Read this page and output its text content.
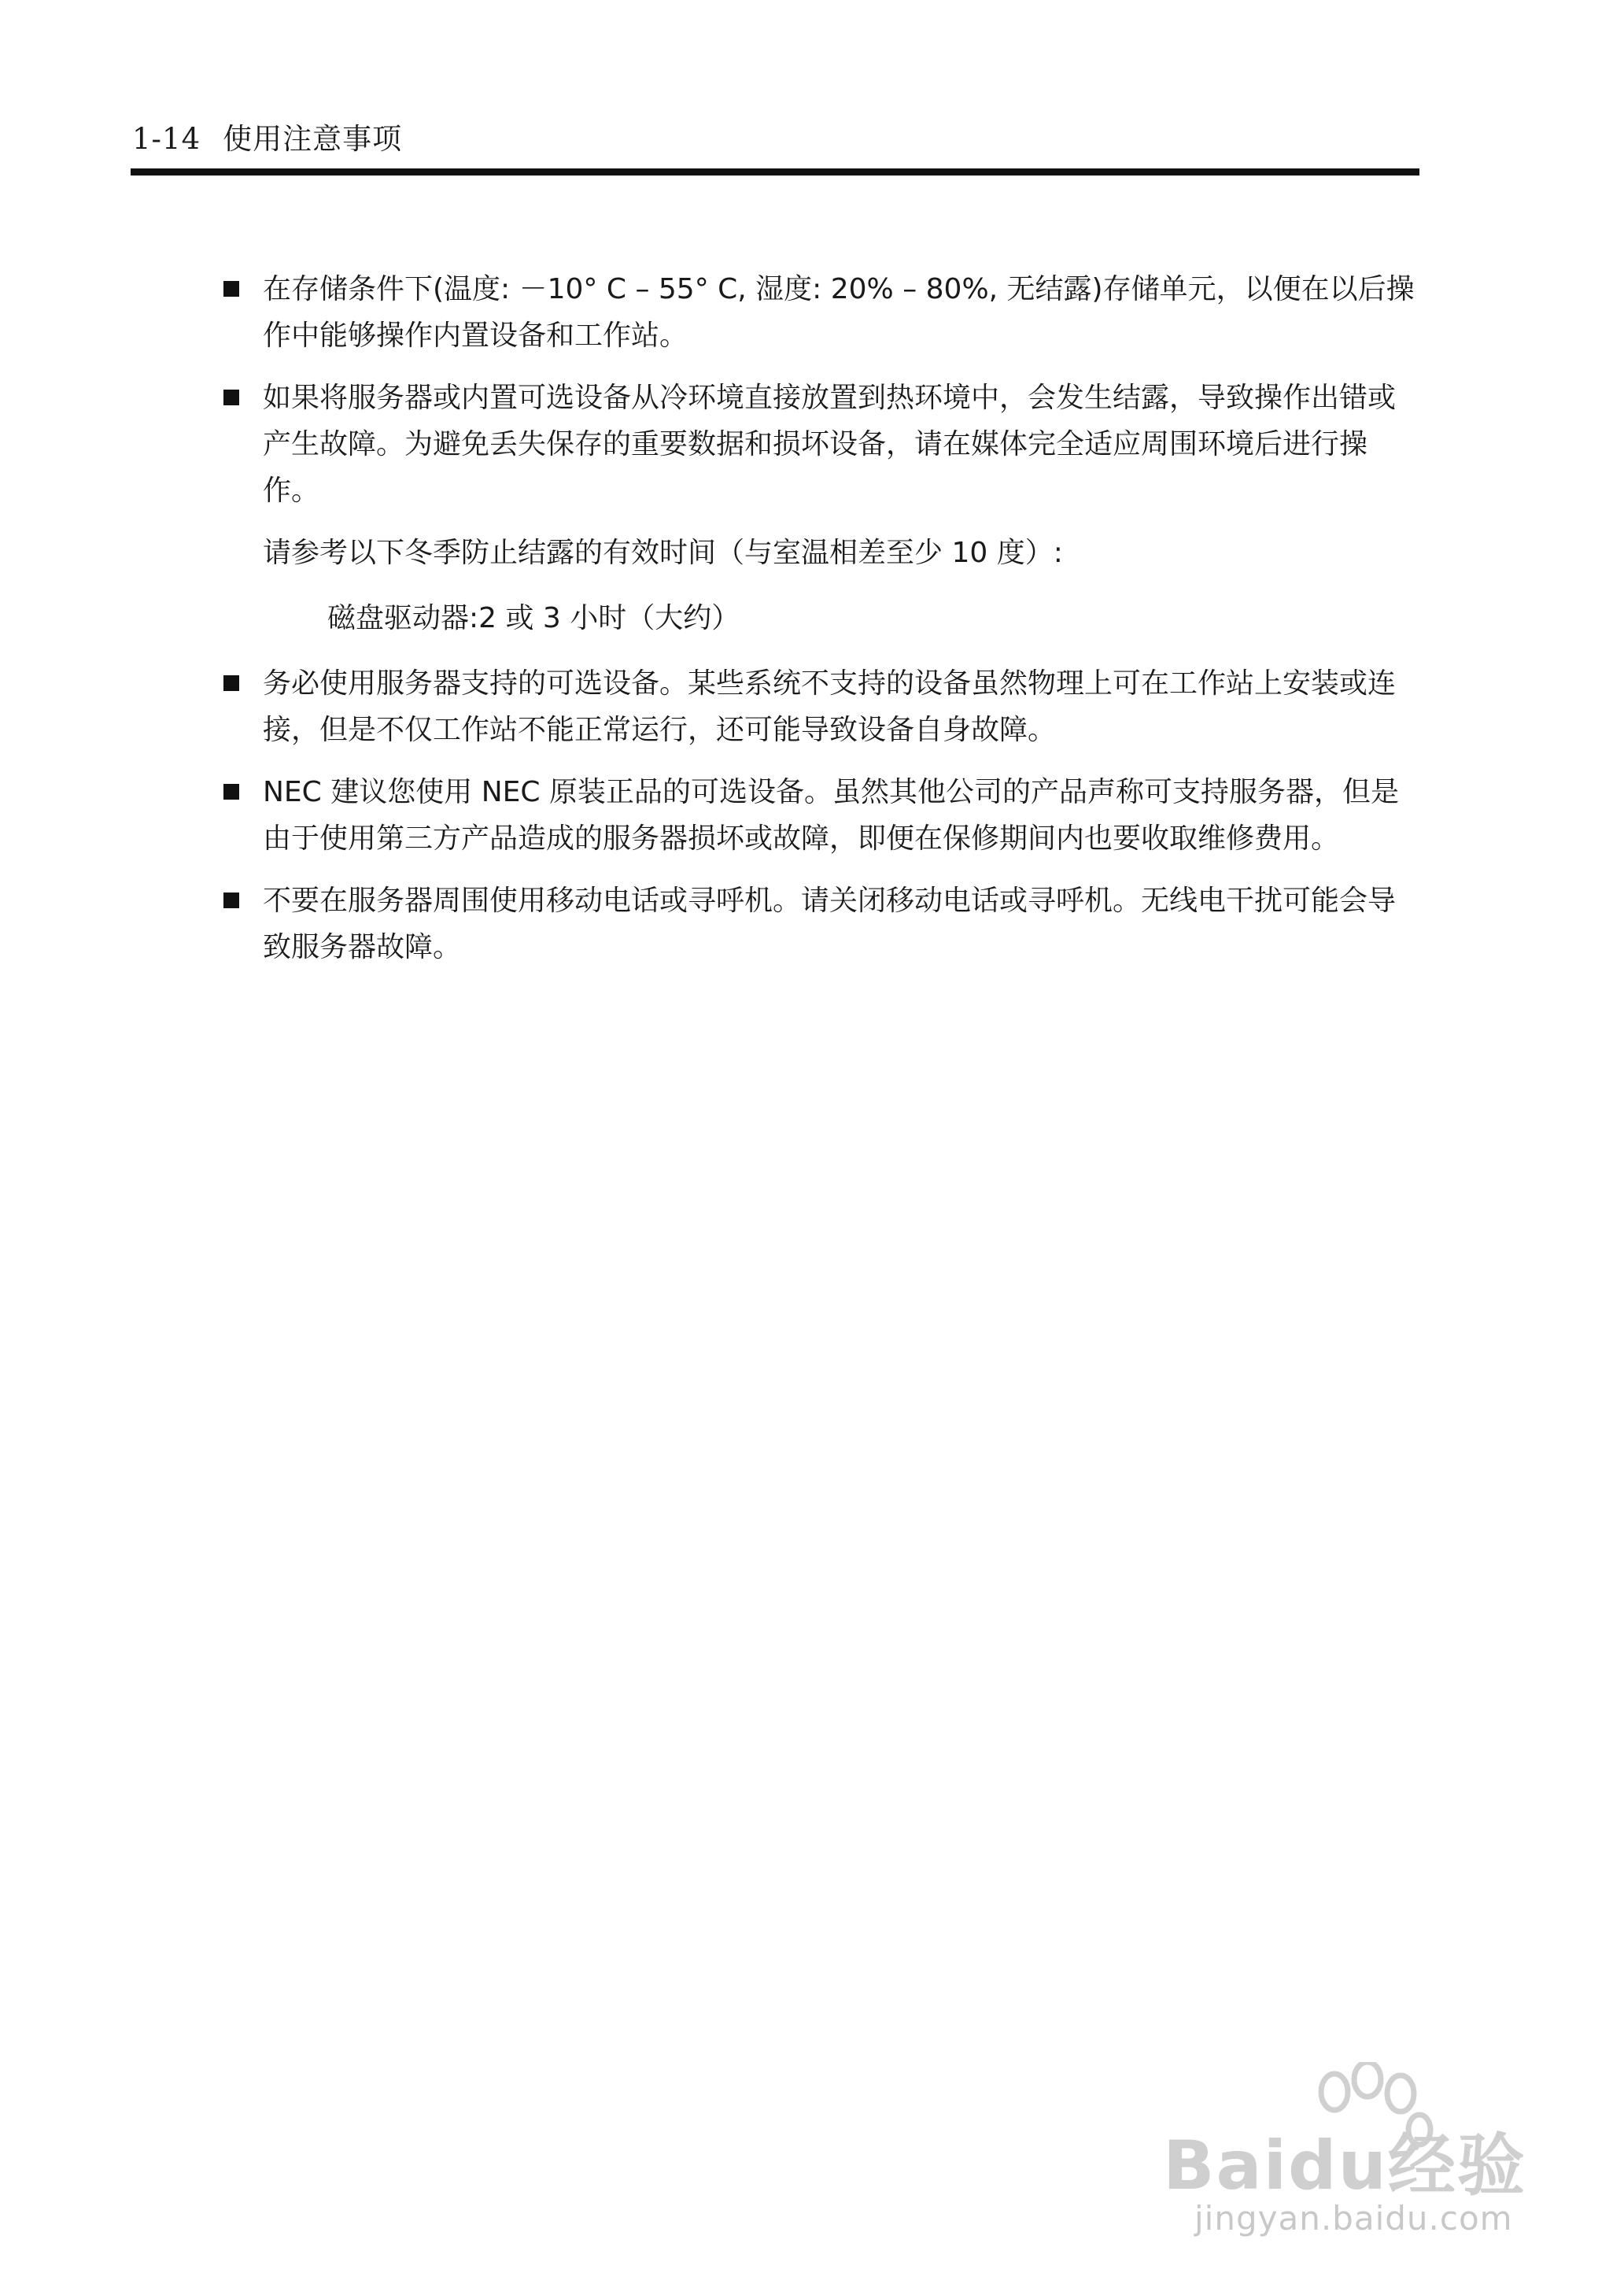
1-14 使用注意事项
在存储条件下(温度: －10° C – 55° C, 湿度: 20% – 80%, 无结露)存储单元，以便在以后操作中能够操作内置设备和工作站。
如果将服务器或内置可选设备从冷环境直接放置到热环境中，会发生结露，导致操作出错或产生故障。为避免丢失保存的重要数据和损坏设备，请在媒体完全适应周围环境后进行操作。
请参考以下冬季防止结露的有效时间（与室温相差至少 10 度）:
磁盘驱动器:2 或 3 小时（大约）
务必使用服务器支持的可选设备。某些系统不支持的设备虽然物理上可在工作站上安装或连接，但是不仅工作站不能正常运行，还可能导致设备自身故障。
NEC 建议您使用 NEC 原装正品的可选设备。虽然其他公司的产品声称可支持服务器，但是由于使用第三方产品造成的服务器损坏或故障，即便在保修期间内也要收取维修费用。
不要在服务器周围使用移动电话或寻呼机。请关闭移动电话或寻呼机。无线电干扰可能会导致服务器故障。
Baidu经验
jingyan.baidu.com
